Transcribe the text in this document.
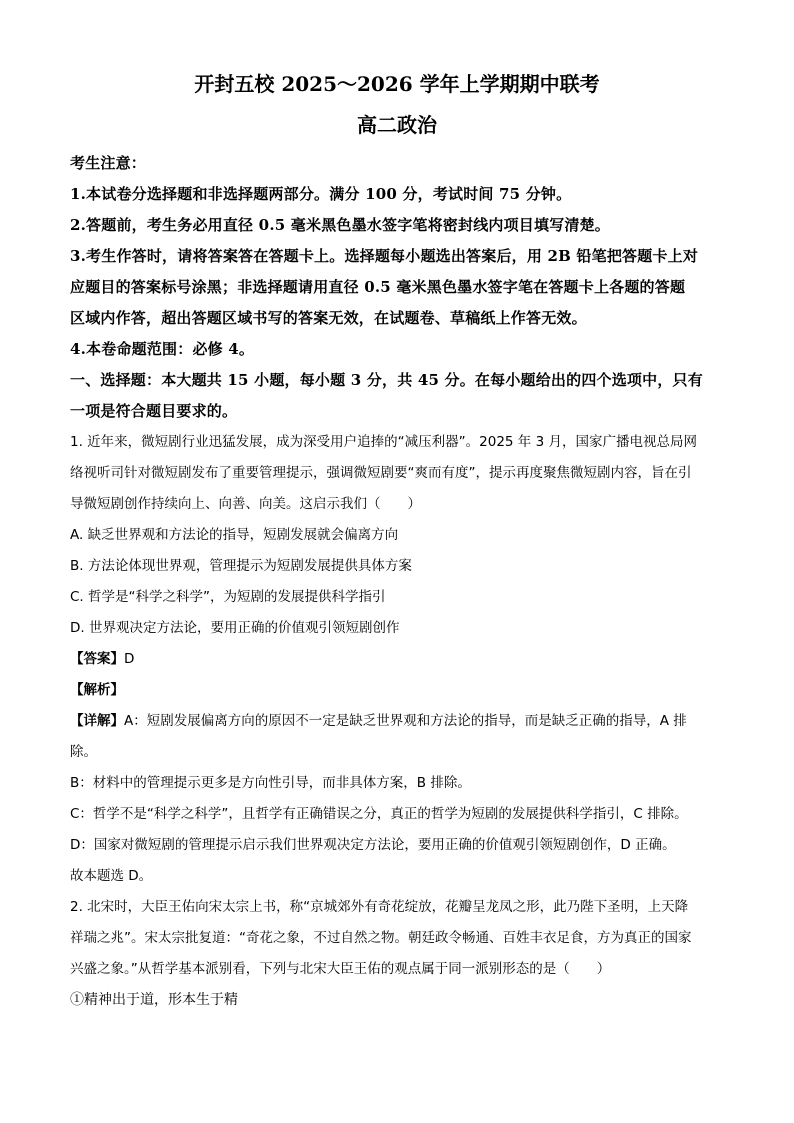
开封五校 2025～2026 学年上学期期中联考
高二政治

考生注意：

1.本试卷分选择题和非选择题两部分。满分 100 分，考试时间 75 分钟。

2.答题前，考生务必用直径 0.5 毫米黑色墨水签字笔将密封线内项目填写清楚。

3.考生作答时，请将答案答在答题卡上。选择题每小题选出答案后，用 2B 铅笔把答题卡上对

应题目的答案标号涂黑；非选择题请用直径 0.5 毫米黑色墨水签字笔在答题卡上各题的答题

区域内作答，超出答题区域书写的答案无效，在试题卷、草稿纸上作答无效。

4.本卷命题范围：必修 4。

一、选择题：本大题共 15 小题，每小题 3 分，共 45 分。在每小题给出的四个选项中，只有

一项是符合题目要求的。

1. 近年来，微短剧行业迅猛发展，成为深受用户追捧的“减压利器”。2025 年 3 月，国家广播电视总局网

络视听司针对微短剧发布了重要管理提示，强调微短剧要“爽而有度”，提示再度聚焦微短剧内容，旨在引

导微短剧创作持续向上、向善、向美。这启示我们（　　）

A. 缺乏世界观和方法论的指导，短剧发展就会偏离方向

B. 方法论体现世界观，管理提示为短剧发展提供具体方案

C. 哲学是“科学之科学”，为短剧的发展提供科学指引

D. 世界观决定方法论，要用正确的价值观引领短剧创作

【答案】D

【解析】

【详解】A：短剧发展偏离方向的原因不一定是缺乏世界观和方法论的指导，而是缺乏正确的指导，A 排

除。

B：材料中的管理提示更多是方向性引导，而非具体方案，B 排除。

C：哲学不是“科学之科学”，且哲学有正确错误之分，真正的哲学为短剧的发展提供科学指引，C 排除。

D：国家对微短剧的管理提示启示我们世界观决定方法论，要用正确的价值观引领短剧创作，D 正确。

故本题选 D。

2. 北宋时，大臣王佑向宋太宗上书，称“京城郊外有奇花绽放，花瓣呈龙凤之形，此乃陛下圣明，上天降

祥瑞之兆”。宋太宗批复道：“奇花之象，不过自然之物。朝廷政令畅通、百姓丰衣足食，方为真正的国家

兴盛之象。”从哲学基本派别看，下列与北宋大臣王佑的观点属于同一派别形态的是（　　）

①精神出于道，形本生于精
